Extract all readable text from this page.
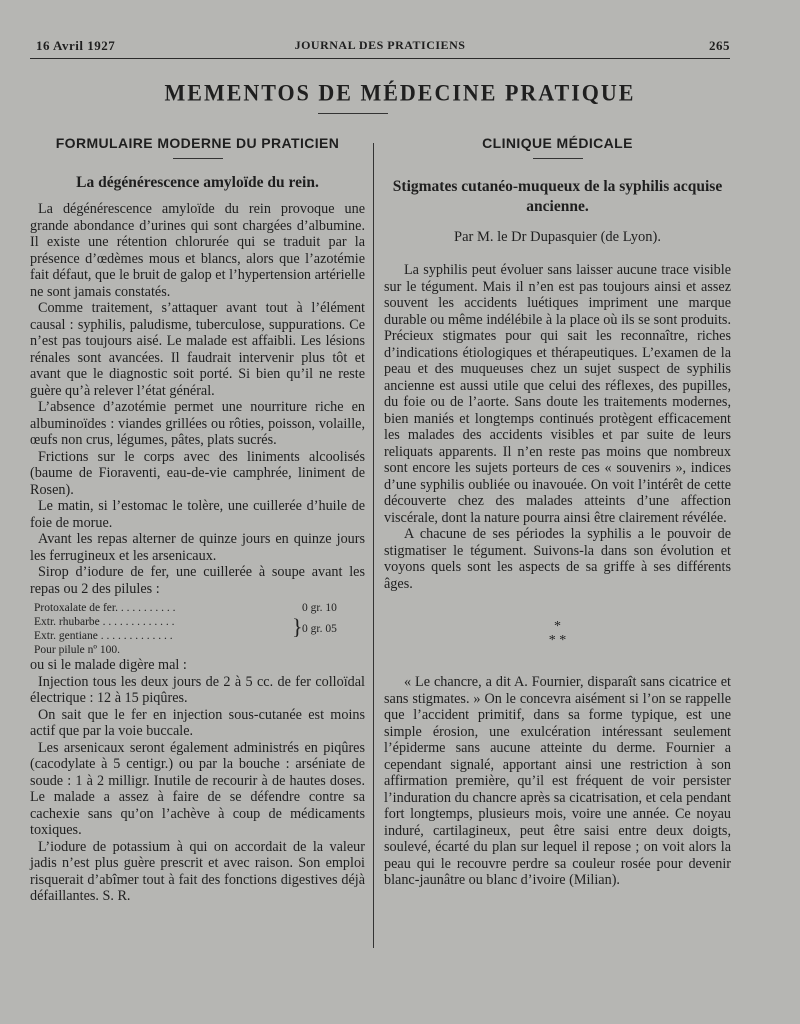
16 Avril 1927	JOURNAL DES PRATICIENS	265
MEMENTOS DE MÉDECINE PRATIQUE
FORMULAIRE MODERNE DU PRATICIEN
La dégénérescence amyloïde du rein.

La dégénérescence amyloïde du rein provoque une grande abondance d’urines qui sont chargées d’albumine. Il existe une rétention chlorurée qui se traduit par la présence d’œdèmes mous et blancs, alors que l’azotémie fait défaut, que le bruit de galop et l’hypertension artérielle ne sont jamais constatés.

Comme traitement, s’attaquer avant tout à l’élément causal : syphilis, paludisme, tuberculose, suppurations. Ce n’est pas toujours aisé. Le malade est affaibli. Les lésions rénales sont avancées. Il faudrait intervenir plus tôt et avant que le diagnostic soit porté. Si bien qu’il ne reste guère qu’à relever l’état général.

L’absence d’azotémie permet une nourriture riche en albuminoïdes : viandes grillées ou rôties, poisson, volaille, œufs non crus, légumes, pâtes, plats sucrés.

Frictions sur le corps avec des liniments alcoolisés (baume de Fioraventi, eau-de-vie camphrée, liniment de Rosen).

Le matin, si l’estomac le tolère, une cuillerée d’huile de foie de morue.

Avant les repas alterner de quinze jours en quinze jours les ferrugineux et les arsenicaux.

Sirop d’iodure de fer, une cuillerée à soupe avant les repas ou 2 des pilules :

Protoxalate de fer. . . . . . . . . . .	0 gr. 10
Extr. rhubarbe . . . . . . . . . . . . .
Extr. gentiane . . . . . . . . . . . . .	} 0 gr. 05
Pour pilule nº 100.

ou si le malade digère mal :

Injection tous les deux jours de 2 à 5 cc. de fer colloïdal électrique : 12 à 15 piqûres.

On sait que le fer en injection sous-cutanée est moins actif que par la voie buccale.

Les arsenicaux seront également administrés en piqûres (cacodylate à 5 centigr.) ou par la bouche : arséniate de soude : 1 à 2 milligr. Inutile de recourir à de hautes doses. Le malade a assez à faire de se défendre contre sa cachexie sans qu’on l’achève à coup de médicaments toxiques.

L’iodure de potassium à qui on accordait de la valeur jadis n’est plus guère prescrit et avec raison. Son emploi risquerait d’abîmer tout à fait des fonctions digestives déjà défaillantes. S. R.

CLINIQUE MÉDICALE
Stigmates cutanéo-muqueux de la syphilis acquise ancienne.
Par M. le Dr Dupasquier (de Lyon).

La syphilis peut évoluer sans laisser aucune trace visible sur le tégument. Mais il n’en est pas toujours ainsi et assez souvent les accidents luétiques impriment une marque durable ou même indélébile à la place où ils se sont produits. Précieux stigmates pour qui sait les reconnaître, riches d’indications étiologiques et thérapeutiques. L’examen de la peau et des muqueuses chez un sujet suspect de syphilis ancienne est aussi utile que celui des réflexes, des pupilles, du foie ou de l’aorte. Sans doute les traitements modernes, bien maniés et longtemps continués protègent efficacement les malades des accidents visibles et par suite de leurs reliquats apparents. Il n’en reste pas moins que nombreux sont encore les sujets porteurs de ces « souvenirs », indices d’une syphilis oubliée ou inavouée. On voit l’intérêt de cette découverte chez des malades atteints d’une affection viscérale, dont la nature pourra ainsi être clairement révélée.

A chacune de ses périodes la syphilis a le pouvoir de stigmatiser le tégument. Suivons-la dans son évolution et voyons quels sont les aspects de sa griffe à ses différents âges.

*
* *

« Le chancre, a dit A. Fournier, disparaît sans cicatrice et sans stigmates. » On le concevra aisément si l’on se rappelle que l’accident primitif, dans sa forme typique, est une simple érosion, une exulcération intéressant seulement l’épiderme sans aucune atteinte du derme. Fournier a cependant signalé, apportant ainsi une restriction à son affirmation première, qu’il est fréquent de voir persister l’induration du chancre après sa cicatrisation, et cela pendant fort longtemps, plusieurs mois, voire une année. Ce noyau induré, cartilagineux, peut être saisi entre deux doigts, soulevé, écarté du plan sur lequel il repose ; on voit alors la peau qui le recouvre perdre sa couleur rosée pour devenir blanc-jaunâtre ou blanc d’ivoire (Milian).
